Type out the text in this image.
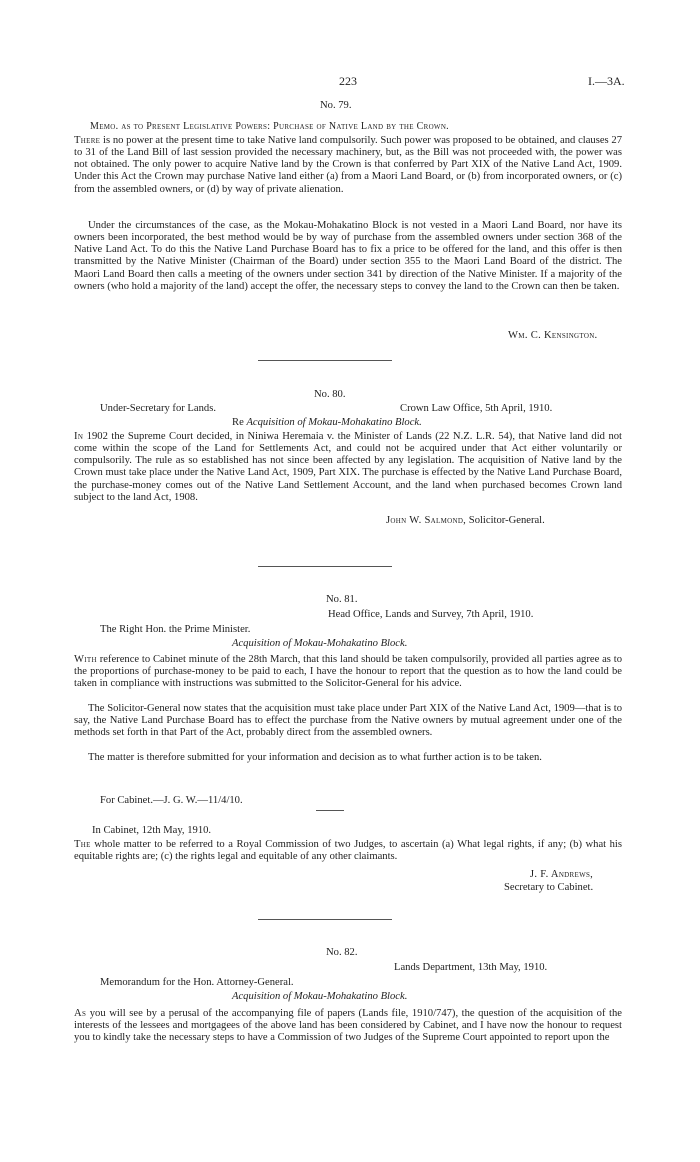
223	I.—3A.
No. 79.
Memo. as to Present Legislative Powers: Purchase of Native Land by the Crown.

There is no power at the present time to take Native land compulsorily. Such power was proposed to be obtained, and clauses 27 to 31 of the Land Bill of last session provided the necessary machinery, but, as the Bill was not proceeded with, the power was not obtained. The only power to acquire Native land by the Crown is that conferred by Part XIX of the Native Land Act, 1909. Under this Act the Crown may purchase Native land either (a) from a Maori Land Board, or (b) from incorporated owners, or (c) from the assembled owners, or (d) by way of private alienation.

Under the circumstances of the case, as the Mokau-Mohakatino Block is not vested in a Maori Land Board, nor have its owners been incorporated, the best method would be by way of purchase from the assembled owners under section 368 of the Native Land Act. To do this the Native Land Purchase Board has to fix a price to be offered for the land, and this offer is then transmitted by the Native Minister (Chairman of the Board) under section 355 to the Maori Land Board of the district. The Maori Land Board then calls a meeting of the owners under section 341 by direction of the Native Minister. If a majority of the owners (who hold a majority of the land) accept the offer, the necessary steps to convey the land to the Crown can then be taken.

Wm. C. Kensington.
No. 80.
Under-Secretary for Lands.	Crown Law Office, 5th April, 1910.
Re Acquisition of Mokau-Mohakatino Block.

In 1902 the Supreme Court decided, in Niniwa Heremaia v. the Minister of Lands (22 N.Z. L.R. 54), that Native land did not come within the scope of the Land for Settlements Act, and could not be acquired under that Act either voluntarily or compulsorily. The rule as so established has not since been affected by any legislation. The acquisition of Native land by the Crown must take place under the Native Land Act, 1909, Part XIX. The purchase is effected by the Native Land Purchase Board, the purchase-money comes out of the Native Land Settlement Account, and the land when purchased becomes Crown land subject to the land Act, 1908.

John W. Salmond, Solicitor-General.
No. 81.
Head Office, Lands and Survey, 7th April, 1910.
The Right Hon. the Prime Minister.
Acquisition of Mokau-Mohakatino Block.

With reference to Cabinet minute of the 28th March, that this land should be taken compulsorily, provided all parties agree as to the proportions of purchase-money to be paid to each, I have the honour to report that the question as to how the land could be taken in compliance with instructions was submitted to the Solicitor-General for his advice.

The Solicitor-General now states that the acquisition must take place under Part XIX of the Native Land Act, 1909—that is to say, the Native Land Purchase Board has to effect the purchase from the Native owners by mutual agreement under one of the methods set forth in that Part of the Act, probably direct from the assembled owners.

The matter is therefore submitted for your information and decision as to what further action is to be taken.

For Cabinet.—J. G. W.—11/4/10.
In Cabinet, 12th May, 1910.

The whole matter to be referred to a Royal Commission of two Judges, to ascertain (a) What legal rights, if any; (b) what his equitable rights are; (c) the rights legal and equitable of any other claimants.

J. F. Andrews,
Secretary to Cabinet.
No. 82.
Lands Department, 13th May, 1910.
Memorandum for the Hon. Attorney-General.
Acquisition of Mokau-Mohakatino Block.

As you will see by a perusal of the accompanying file of papers (Lands file, 1910/747), the question of the acquisition of the interests of the lessees and mortgagees of the above land has been considered by Cabinet, and I have now the honour to request you to kindly take the necessary steps to have a Commission of two Judges of the Supreme Court appointed to report upon the
